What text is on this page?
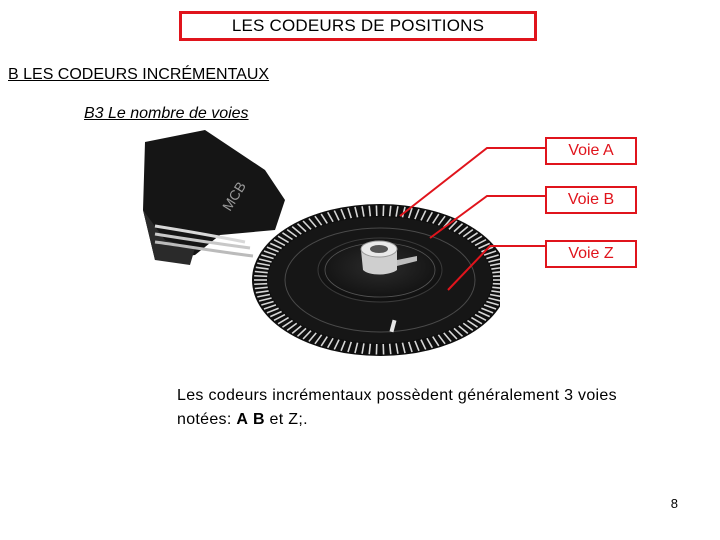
LES CODEURS DE POSITIONS
B LES CODEURS INCRÉMENTAUX
B3 Le nombre de voies
MCB
Voie A
Voie B
Voie Z
Les codeurs incrémentaux possèdent généralement 3 voies
notées: A B et Z;.
8
